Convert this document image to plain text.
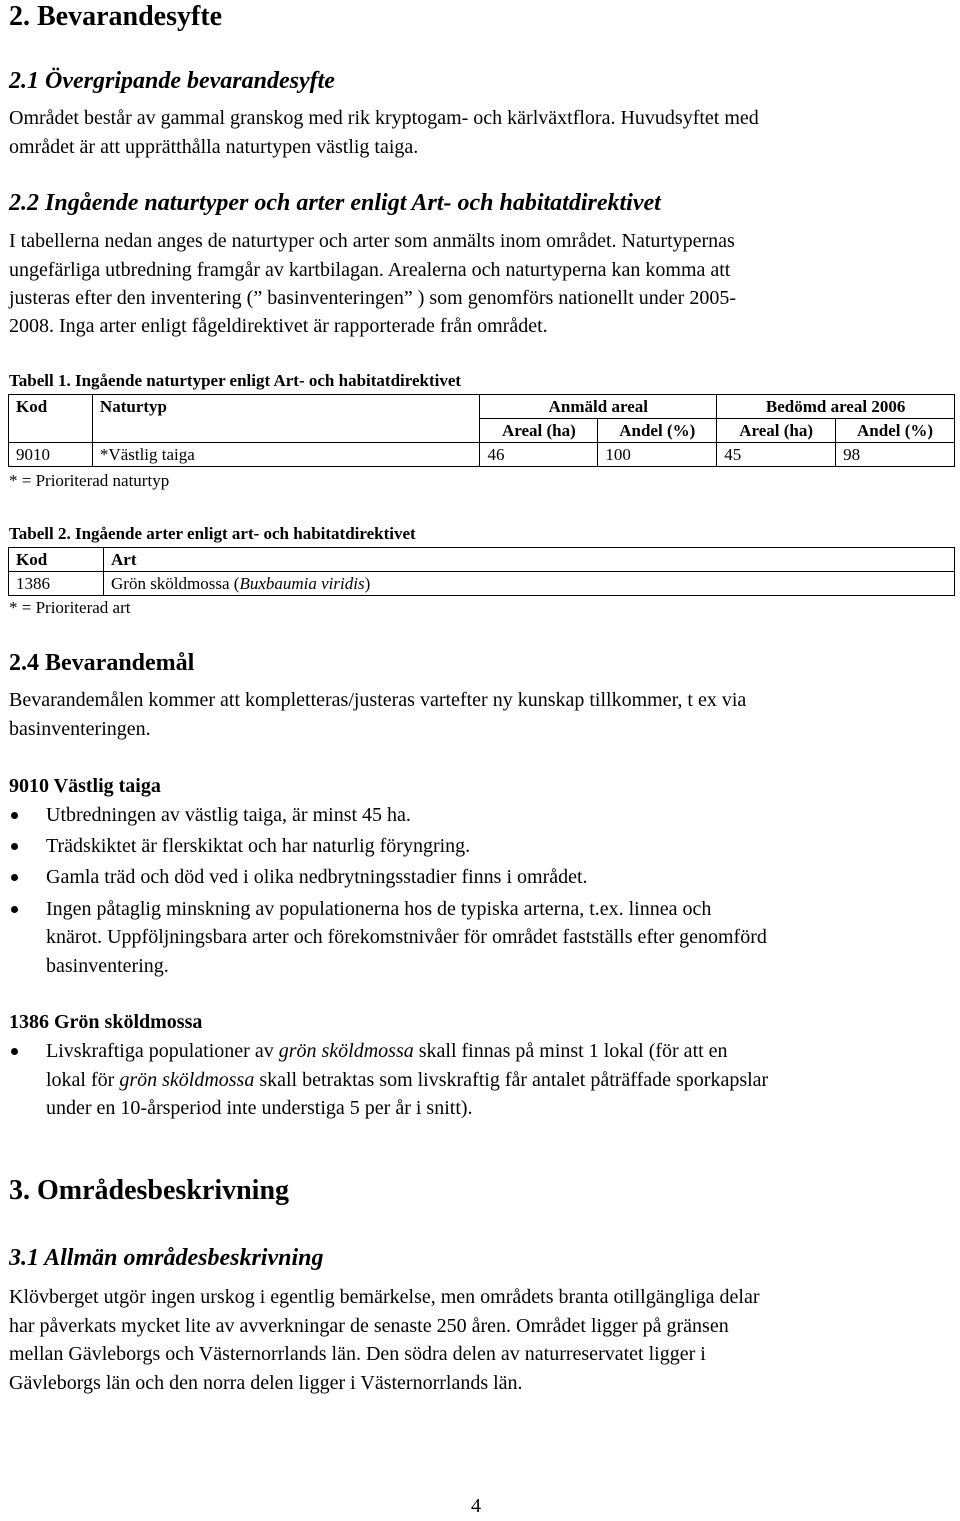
2. Bevarandesyfte
2.1 Övergripande bevarandesyfte
Området består av gammal granskog med rik kryptogam- och kärlväxtflora. Huvudsyftet med
området är att upprätthålla naturtypen västlig taiga.
2.2 Ingående naturtyper och arter enligt Art- och habitatdirektivet
I tabellerna nedan anges de naturtyper och arter som anmälts inom området. Naturtypernas
ungefärliga utbredning framgår av kartbilagan. Arealerna och naturtyperna kan komma att
justeras efter den inventering (” basinventeringen” ) som genomförs nationellt under 2005-
2008. Inga arter enligt fågeldirektivet är rapporterade från området.
Tabell 1. Ingående naturtyper enligt Art- och habitatdirektivet
Kod	Naturtyp	Anmäld areal		Bedömd areal 2006	
		Areal (ha)	Andel (%)	Areal (ha)	Andel (%)
9010	*Västlig taiga	46	100	45	98
* = Prioriterad naturtyp
Tabell 2. Ingående arter enligt art- och habitatdirektivet
Kod	Art
1386	Grön sköldmossa (Buxbaumia viridis)
* = Prioriterad art
2.4 Bevarandemål
Bevarandemålen kommer att kompletteras/justeras vartefter ny kunskap tillkommer, t ex via
basinventeringen.
9010 Västlig taiga
Utbredningen av västlig taiga, är minst 45 ha.
Trädskiktet är flerskiktat och har naturlig föryngring.
Gamla träd och död ved i olika nedbrytningsstadier finns i området.
Ingen påtaglig minskning av populationerna hos de typiska arterna, t.ex. linnea och
knärot. Uppföljningsbara arter och förekomstnivåer för området fastställs efter genomförd
basinventering.
1386 Grön sköldmossa
Livskraftiga populationer av grön sköldmossa skall finnas på minst 1 lokal (för att en
lokal för grön sköldmossa skall betraktas som livskraftig får antalet påträffade sporkapslar
under en 10-årsperiod inte understiga 5 per år i snitt).
3. Områdesbeskrivning
3.1 Allmän områdesbeskrivning
Klövberget utgör ingen urskog i egentlig bemärkelse, men områdets branta otillgängliga delar
har påverkats mycket lite av avverkningar de senaste 250 åren. Området ligger på gränsen
mellan Gävleborgs och Västernorrlands län. Den södra delen av naturreservatet ligger i
Gävleborgs län och den norra delen ligger i Västernorrlands län.
4
